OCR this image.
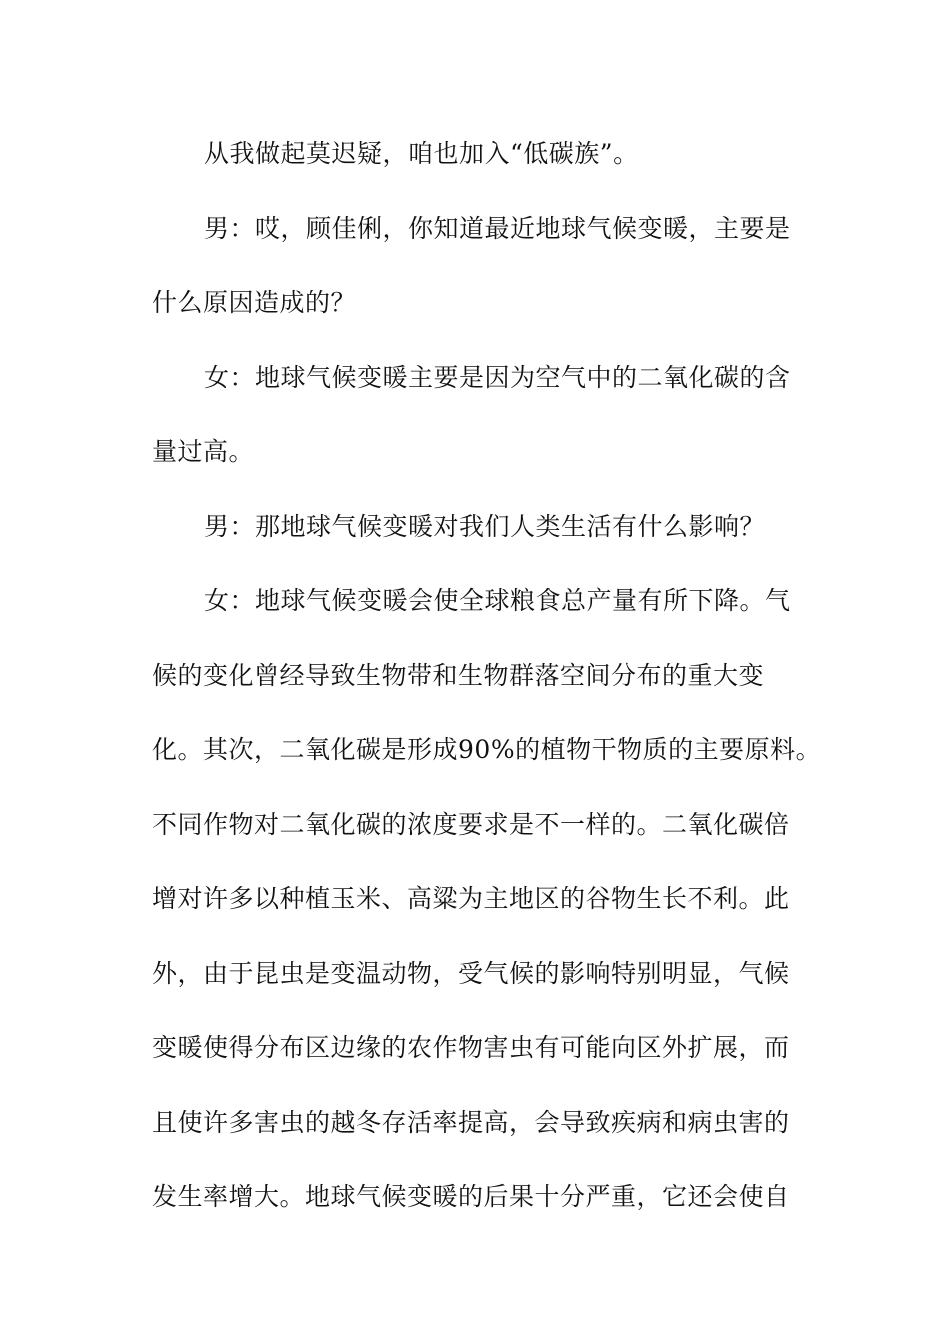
从我做起莫迟疑，咱也加入“低碳族”。
男：哎，顾佳俐，你知道最近地球气候变暖，主要是
什么原因造成的？
女：地球气候变暖主要是因为空气中的二氧化碳的含
量过高。
男：那地球气候变暖对我们人类生活有什么影响？
女：地球气候变暖会使全球粮食总产量有所下降。气
候的变化曾经导致生物带和生物群落空间分布的重大变
化。其次，二氧化碳是形成90%的植物干物质的主要原料。
不同作物对二氧化碳的浓度要求是不一样的。二氧化碳倍
增对许多以种植玉米、高粱为主地区的谷物生长不利。此
外，由于昆虫是变温动物，受气候的影响特别明显，气候
变暖使得分布区边缘的农作物害虫有可能向区外扩展，而
且使许多害虫的越冬存活率提高，会导致疾病和病虫害的
发生率增大。地球气候变暖的后果十分严重，它还会使自
